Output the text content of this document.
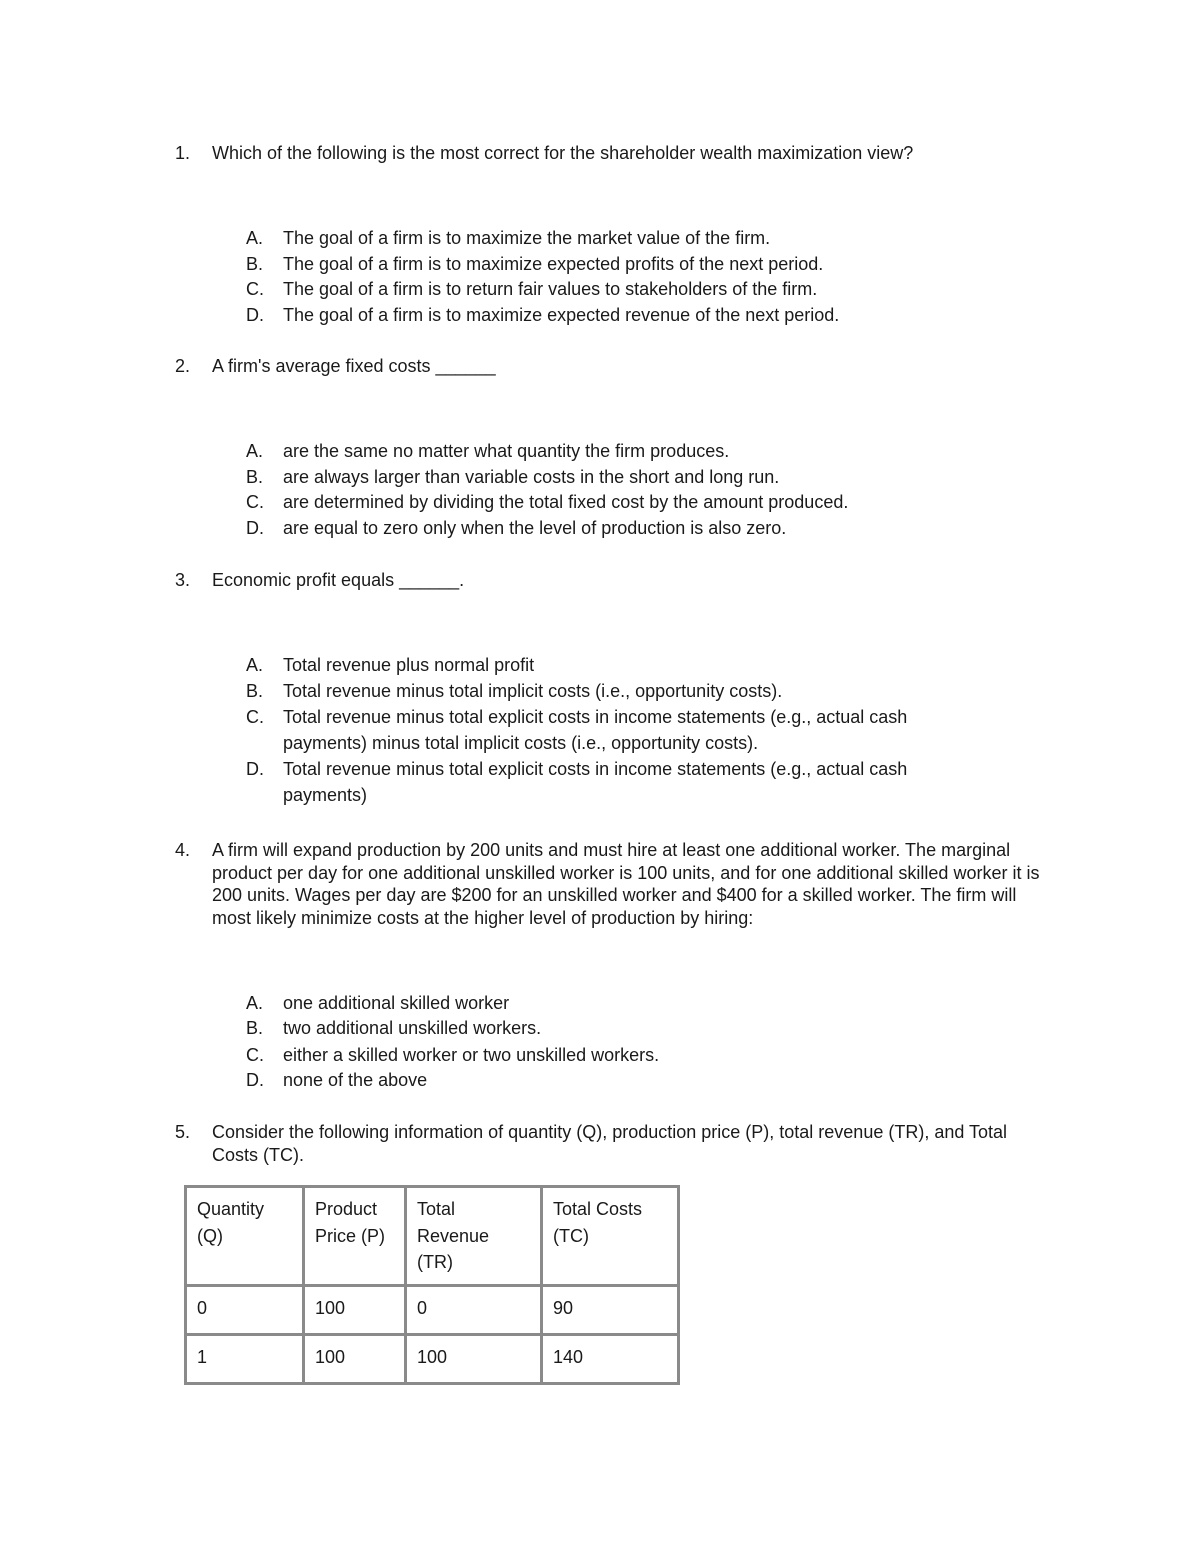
1. Which of the following is the most correct for the shareholder wealth maximization view?
A. The goal of a firm is to maximize the market value of the firm.
B. The goal of a firm is to maximize expected profits of the next period.
C. The goal of a firm is to return fair values to stakeholders of the firm.
D. The goal of a firm is to maximize expected revenue of the next period.
2. A firm's average fixed costs ______
A. are the same no matter what quantity the firm produces.
B. are always larger than variable costs in the short and long run.
C. are determined by dividing the total fixed cost by the amount produced.
D. are equal to zero only when the level of production is also zero.
3. Economic profit equals ______.
A. Total revenue plus normal profit
B. Total revenue minus total implicit costs (i.e., opportunity costs).
C. Total revenue minus total explicit costs in income statements (e.g., actual cash payments) minus total implicit costs (i.e., opportunity costs).
D. Total revenue minus total explicit costs in income statements (e.g., actual cash payments)
4. A firm will expand production by 200 units and must hire at least one additional worker. The marginal product per day for one additional unskilled worker is 100 units, and for one additional skilled worker it is 200 units. Wages per day are $200 for an unskilled worker and $400 for a skilled worker. The firm will most likely minimize costs at the higher level of production by hiring:
A. one additional skilled worker
B. two additional unskilled workers.
C. either a skilled worker or two unskilled workers.
D. none of the above
5. Consider the following information of quantity (Q), production price (P), total revenue (TR), and Total Costs (TC).
Quantity (Q)	Product Price (P)	Total Revenue (TR)	Total Costs (TC)
0	100	0	90
1	100	100	140
